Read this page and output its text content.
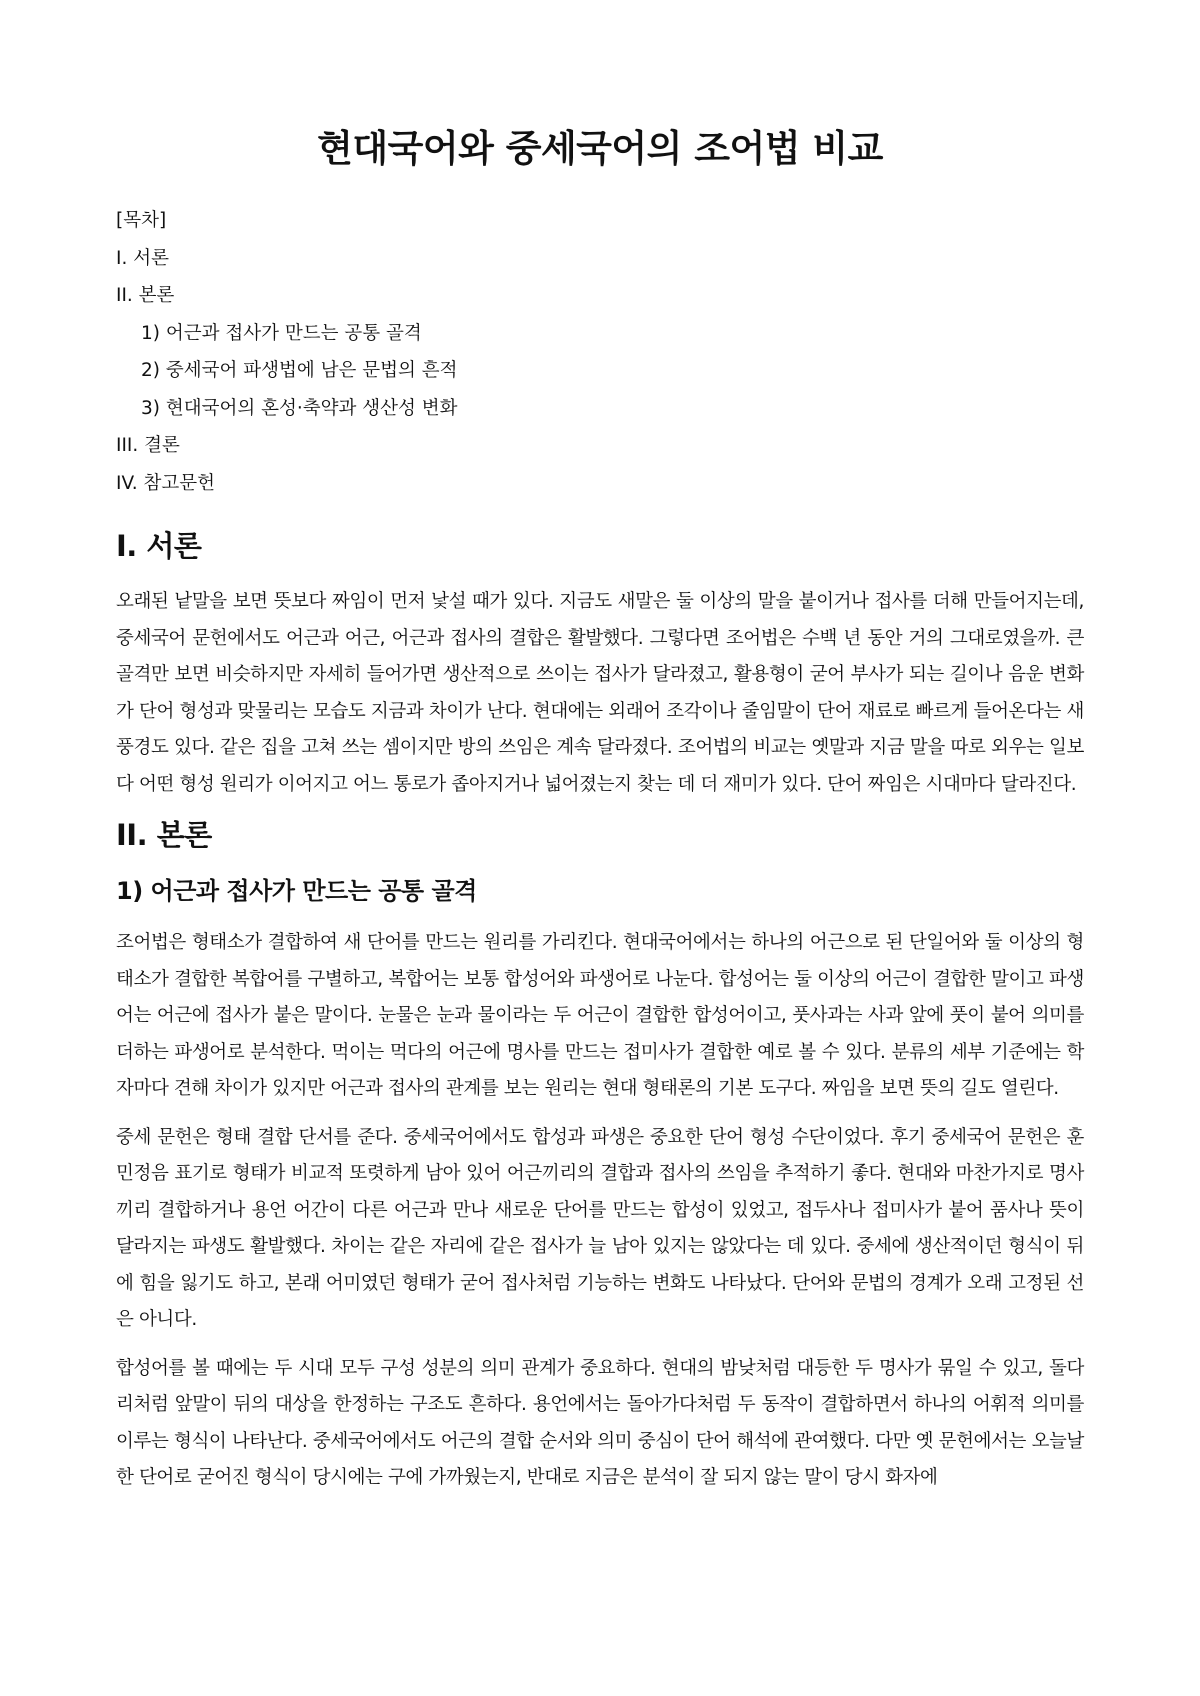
현대국어와 중세국어의 조어법 비교
[목차]
I. 서론
II. 본론
1) 어근과 접사가 만드는 공통 골격
2) 중세국어 파생법에 남은 문법의 흔적
3) 현대국어의 혼성·축약과 생산성 변화
III. 결론
IV. 참고문헌
I. 서론

오래된 낱말을 보면 뜻보다 짜임이 먼저 낯설 때가 있다. 지금도 새말은 둘 이상의 말을 붙이거나 접사를 더해 만들어지는데, 중세국어 문헌에서도 어근과 어근, 어근과 접사의 결합은 활발했다. 그렇다면 조어법은 수백 년 동안 거의 그대로였을까. 큰 골격만 보면 비슷하지만 자세히 들어가면 생산적으로 쓰이는 접사가 달라졌고, 활용형이 굳어 부사가 되는 길이나 음운 변화가 단어 형성과 맞물리는 모습도 지금과 차이가 난다. 현대에는 외래어 조각이나 줄임말이 단어 재료로 빠르게 들어온다는 새 풍경도 있다. 같은 집을 고쳐 쓰는 셈이지만 방의 쓰임은 계속 달라졌다. 조어법의 비교는 옛말과 지금 말을 따로 외우는 일보다 어떤 형성 원리가 이어지고 어느 통로가 좁아지거나 넓어졌는지 찾는 데 더 재미가 있다. 단어 짜임은 시대마다 달라진다.

II. 본론
1) 어근과 접사가 만드는 공통 골격

조어법은 형태소가 결합하여 새 단어를 만드는 원리를 가리킨다. 현대국어에서는 하나의 어근으로 된 단일어와 둘 이상의 형태소가 결합한 복합어를 구별하고, 복합어는 보통 합성어와 파생어로 나눈다. 합성어는 둘 이상의 어근이 결합한 말이고 파생어는 어근에 접사가 붙은 말이다. 눈물은 눈과 물이라는 두 어근이 결합한 합성어이고, 풋사과는 사과 앞에 풋이 붙어 의미를 더하는 파생어로 분석한다. 먹이는 먹다의 어근에 명사를 만드는 접미사가 결합한 예로 볼 수 있다. 분류의 세부 기준에는 학자마다 견해 차이가 있지만 어근과 접사의 관계를 보는 원리는 현대 형태론의 기본 도구다. 짜임을 보면 뜻의 길도 열린다.

중세 문헌은 형태 결합 단서를 준다. 중세국어에서도 합성과 파생은 중요한 단어 형성 수단이었다. 후기 중세국어 문헌은 훈민정음 표기로 형태가 비교적 또렷하게 남아 있어 어근끼리의 결합과 접사의 쓰임을 추적하기 좋다. 현대와 마찬가지로 명사끼리 결합하거나 용언 어간이 다른 어근과 만나 새로운 단어를 만드는 합성이 있었고, 접두사나 접미사가 붙어 품사나 뜻이 달라지는 파생도 활발했다. 차이는 같은 자리에 같은 접사가 늘 남아 있지는 않았다는 데 있다. 중세에 생산적이던 형식이 뒤에 힘을 잃기도 하고, 본래 어미였던 형태가 굳어 접사처럼 기능하는 변화도 나타났다. 단어와 문법의 경계가 오래 고정된 선은 아니다.

합성어를 볼 때에는 두 시대 모두 구성 성분의 의미 관계가 중요하다. 현대의 밤낮처럼 대등한 두 명사가 묶일 수 있고, 돌다리처럼 앞말이 뒤의 대상을 한정하는 구조도 흔하다. 용언에서는 돌아가다처럼 두 동작이 결합하면서 하나의 어휘적 의미를 이루는 형식이 나타난다. 중세국어에서도 어근의 결합 순서와 의미 중심이 단어 해석에 관여했다. 다만 옛 문헌에서는 오늘날 한 단어로 굳어진 형식이 당시에는 구에 가까웠는지, 반대로 지금은 분석이 잘 되지 않는 말이 당시 화자에
